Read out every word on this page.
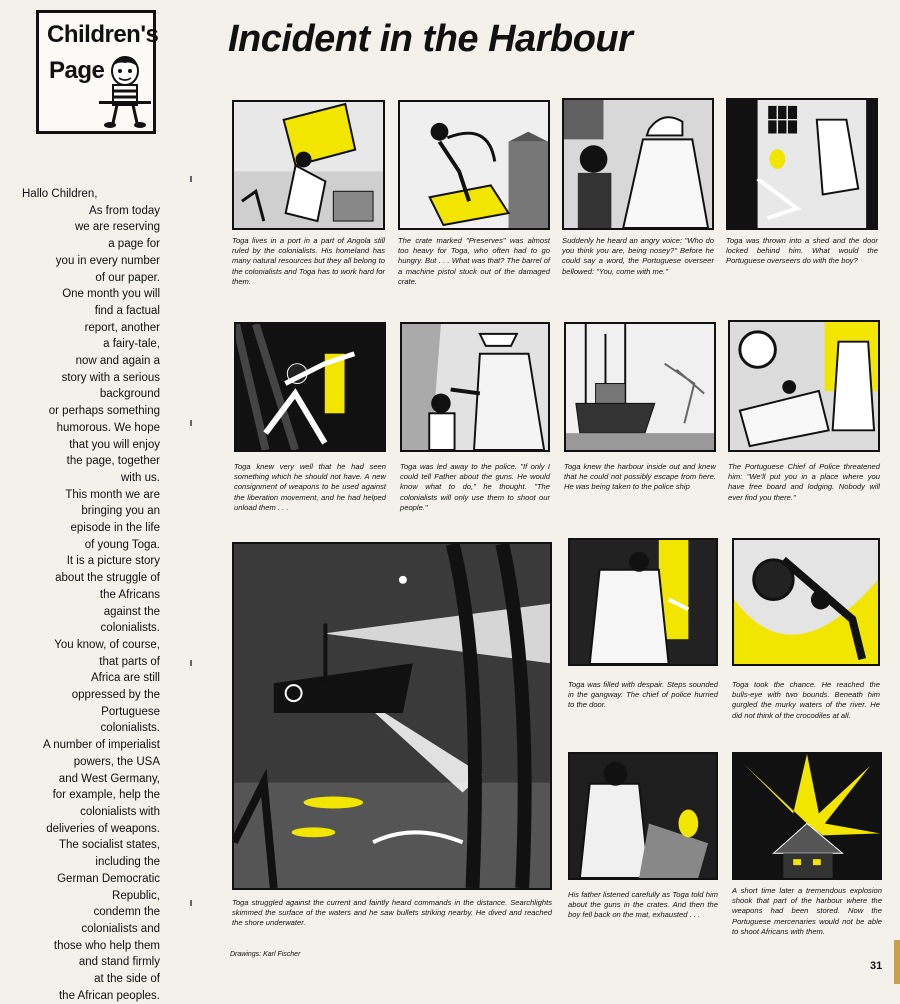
Children's
Page
Incident in the Harbour
Hallo Children,
As from today
we are reserving
a page for
you in every number
of our paper.
One month you will
find a factual
report, another
a fairy-tale,
now and again a
story with a serious
background
or perhaps something
humorous. We hope
that you will enjoy
the page, together
with us.
This month we are
bringing you an
episode in the life
of young Toga.
It is a picture story
about the struggle of
the Africans
against the
colonialists.
You know, of course,
that parts of
Africa are still
oppressed by the
Portuguese
colonialists.
A number of imperialist
powers, the USA
and West Germany,
for example, help the
colonialists with
deliveries of weapons.
The socialist states,
including the
German Democratic
Republic,
condemn the
colonialists and
those who help them
and stand firmly
at the side of
the African peoples.
Toga lives in a port in a part of Angola still ruled by the colonialists. His homeland has many natural resources but they all belong to the colonialists and Toga has to work hard for them.
The crate marked "Preserves" was almost too heavy for Toga, who often had to go hungry. But . . . What was that? The barrel of a machine pistol stuck out of the damaged crate.
Suddenly he heard an angry voice: "Who do you think you are, being nosey?" Before he could say a word, the Portuguese overseer bellowed: "You, come with me."
Toga was thrown into a shed and the door locked behind him. What would the Portuguese overseers do with the boy?
Toga knew very well that he had seen something which he should not have. A new consignment of weapons to be used against the liberation movement, and he had helped unload them . . .
Toga was led away to the police. "If only I could tell Father about the guns. He would know what to do," he thought. "The colonialists will only use them to shoot our people."
Toga knew the harbour inside out and knew that he could not possibly escape from here. He was being taken to the police ship
The Portuguese Chief of Police threatened him: "We'll put you in a place where you have free board and lodging. Nobody will ever find you there."
Toga struggled against the current and faintly heard commands in the distance. Searchlights skimmed the surface of the waters and he saw bullets striking nearby. He dived and reached the shore underwater.
Toga was filled with despair. Steps sounded in the gangway. The chief of police hurried to the door.
Toga took the chance. He reached the bulls-eye with two bounds. Beneath him gurgled the murky waters of the river. He did not think of the crocodiles at all.
His father listened carefully as Toga told him about the guns in the crates. And then the boy fell back on the mat, exhausted . . .
A short time later a tremendous explosion shook that part of the harbour where the weapons had been stored. Now the Portuguese mercenaries would not be able to shoot Africans with them.
Drawings: Karl Fischer
31
